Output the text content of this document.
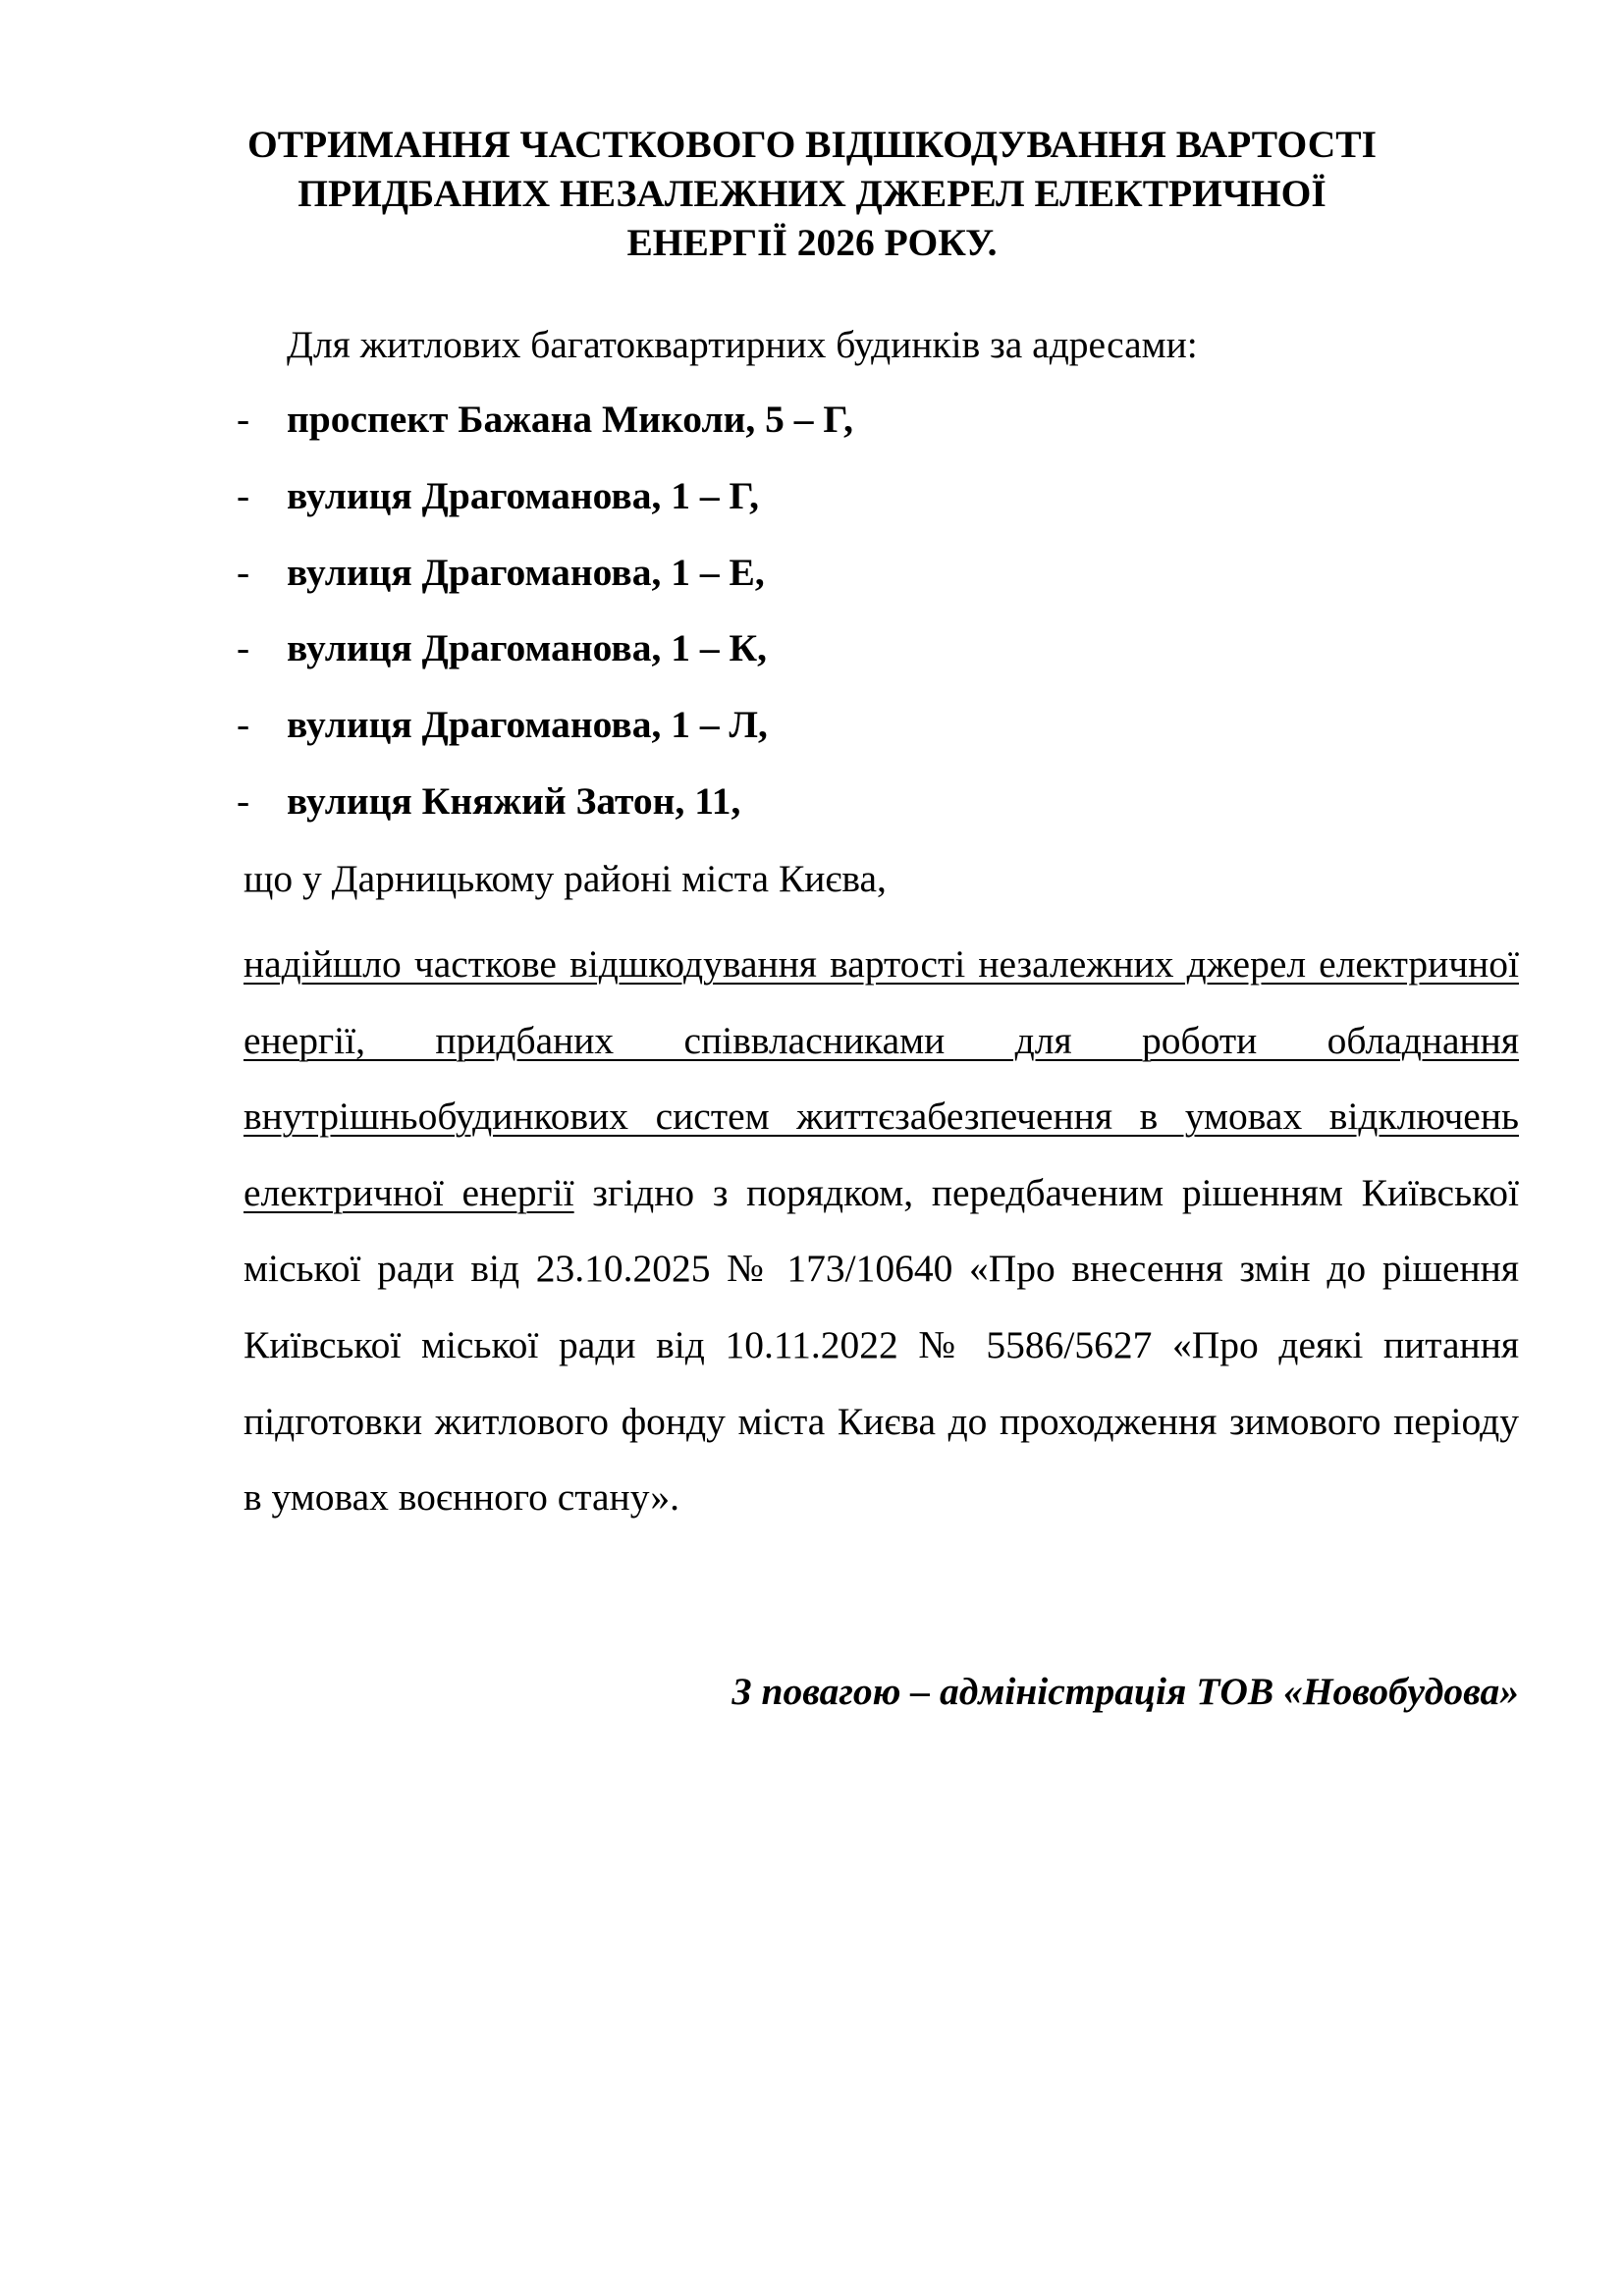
ОТРИМАННЯ ЧАСТКОВОГО ВІДШКОДУВАННЯ ВАРТОСТІ
ПРИДБАНИХ НЕЗАЛЕЖНИХ ДЖЕРЕЛ ЕЛЕКТРИЧНОЇ
ЕНЕРГІЇ 2026 РОКУ.
Для житлових багатоквартирних будинків за адресами:
- проспект Бажана Миколи, 5 – Г,
- вулиця Драгоманова, 1 – Г,
- вулиця Драгоманова, 1 – Е,
- вулиця Драгоманова, 1 – К,
- вулиця Драгоманова, 1 – Л,
- вулиця Княжий Затон, 11,
що у Дарницькому районі міста Києва,

надійшло часткове відшкодування вартості незалежних джерел електричної енергії, придбаних співвласниками для роботи обладнання внутрішньобудинкових систем життєзабезпечення в умовах відключень електричної енергії згідно з порядком, передбаченим рішенням Київської міської ради від 23.10.2025 № 173/10640 «Про внесення змін до рішення Київської міської ради від 10.11.2022 № 5586/5627 «Про деякі питання підготовки житлового фонду міста Києва до проходження зимового періоду в умовах воєнного стану».

З повагою – адміністрація ТОВ «Новобудова»
